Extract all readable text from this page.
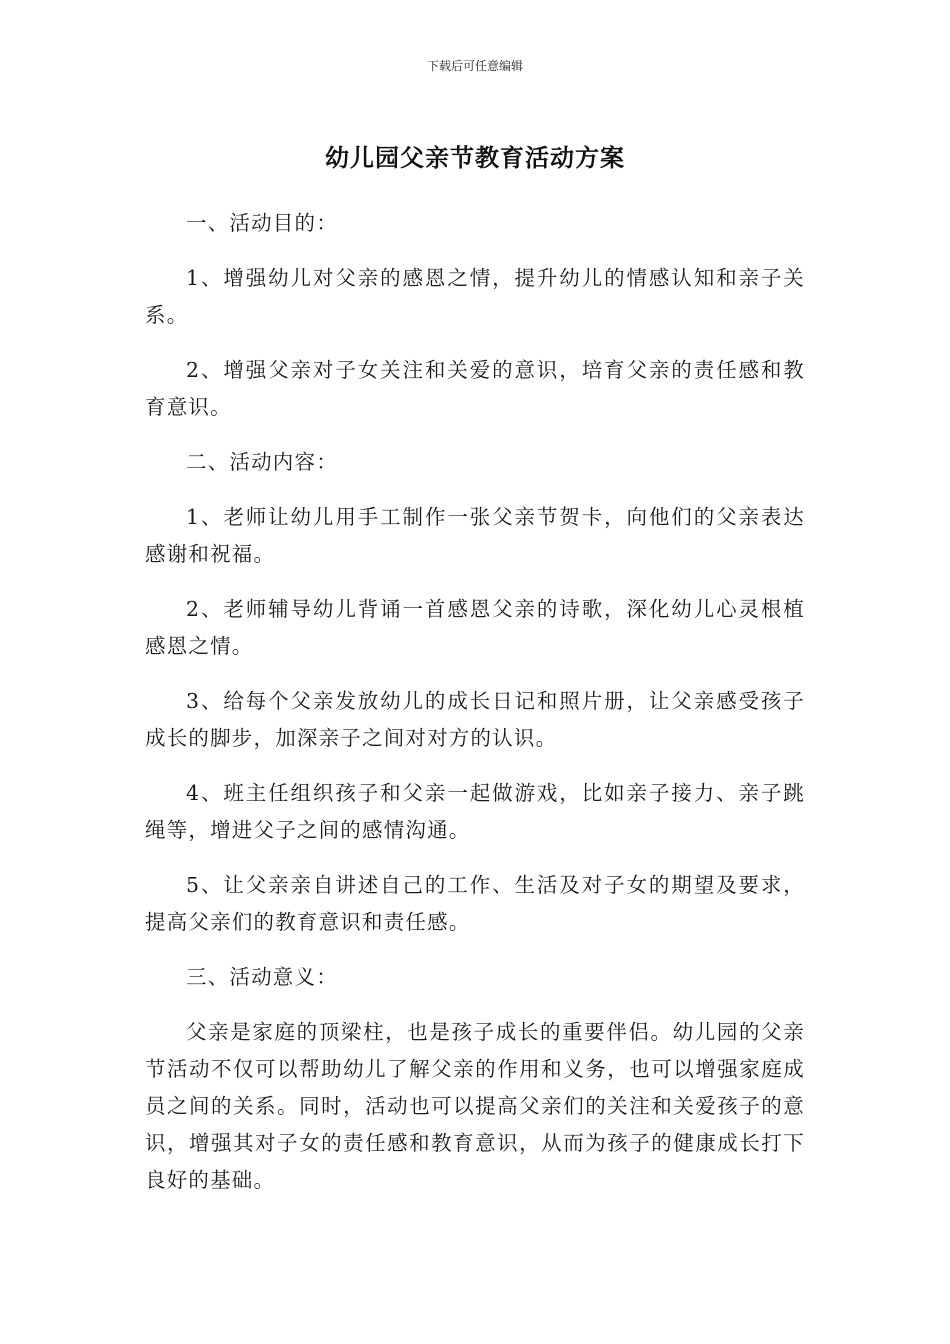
下载后可任意编辑
幼儿园父亲节教育活动方案

一、活动目的：

1、增强幼儿对父亲的感恩之情，提升幼儿的情感认知和亲子关系。

2、增强父亲对子女关注和关爱的意识，培育父亲的责任感和教育意识。

二、活动内容：

1、老师让幼儿用手工制作一张父亲节贺卡，向他们的父亲表达感谢和祝福。

2、老师辅导幼儿背诵一首感恩父亲的诗歌，深化幼儿心灵根植感恩之情。

3、给每个父亲发放幼儿的成长日记和照片册，让父亲感受孩子成长的脚步，加深亲子之间对对方的认识。

4、班主任组织孩子和父亲一起做游戏，比如亲子接力、亲子跳绳等，增进父子之间的感情沟通。

5、让父亲亲自讲述自己的工作、生活及对子女的期望及要求，提高父亲们的教育意识和责任感。

三、活动意义：

父亲是家庭的顶梁柱，也是孩子成长的重要伴侣。幼儿园的父亲节活动不仅可以帮助幼儿了解父亲的作用和义务，也可以增强家庭成员之间的关系。同时，活动也可以提高父亲们的关注和关爱孩子的意识，增强其对子女的责任感和教育意识，从而为孩子的健康成长打下良好的基础。
